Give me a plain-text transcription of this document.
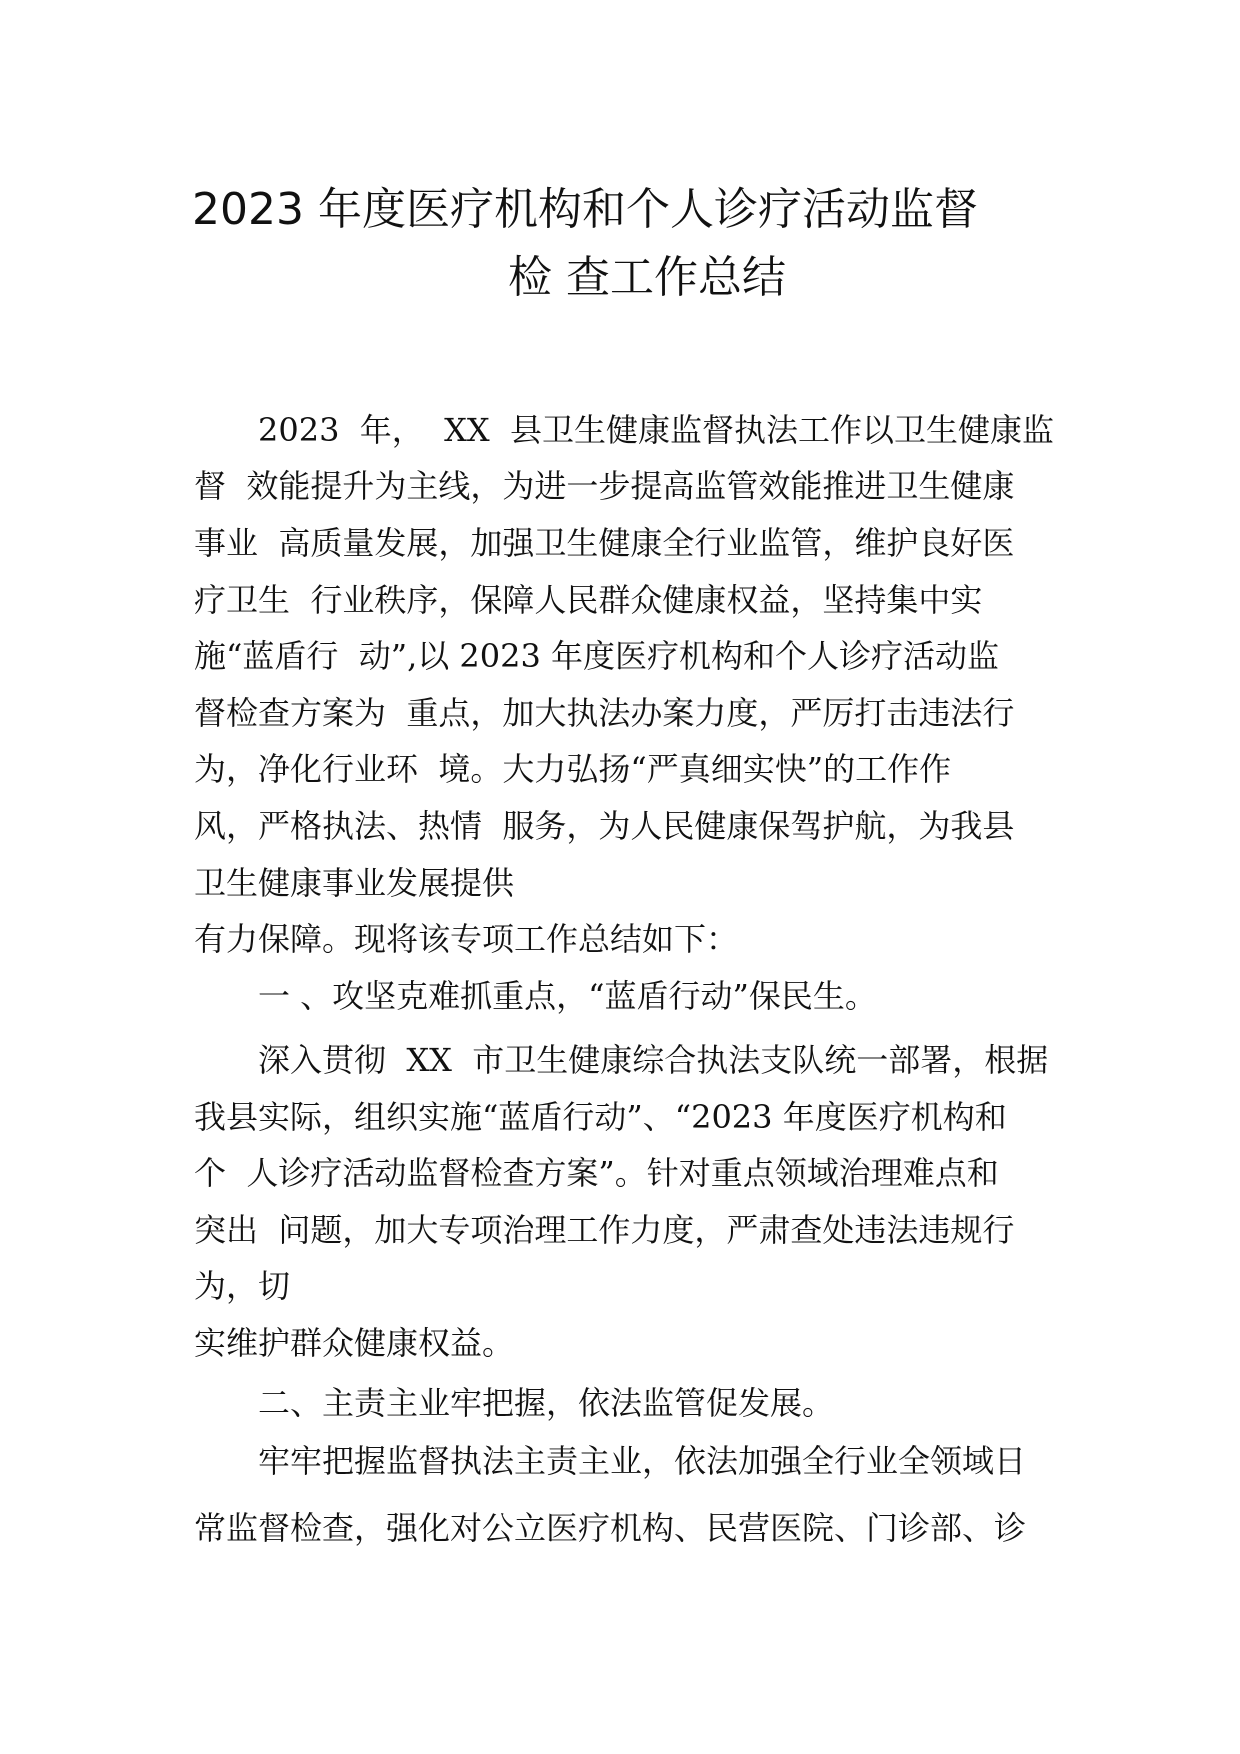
2023 年度医疗机构和个人诊疗活动监督
检 查工作总结
2023  年，  XX  县卫生健康监督执法工作以卫生健康监
督  效能提升为主线，为进一步提高监管效能推进卫生健康
事业  高质量发展，加强卫生健康全行业监管，维护良好医
疗卫生  行业秩序，保障人民群众健康权益，坚持集中实
施“蓝盾行  动”,以 2023 年度医疗机构和个人诊疗活动监
督检查方案为  重点，加大执法办案力度，严厉打击违法行
为，净化行业环  境。大力弘扬“严真细实快”的工作作
风，严格执法、热情  服务，为人民健康保驾护航，为我县
卫生健康事业发展提供
有力保障。现将该专项工作总结如下：
一 、攻坚克难抓重点，“蓝盾行动”保民生。
深入贯彻  XX  市卫生健康综合执法支队统一部署，根据
我县实际，组织实施“蓝盾行动”、“2023 年度医疗机构和
个  人诊疗活动监督检查方案”。针对重点领域治理难点和
突出  问题，加大专项治理工作力度，严肃查处违法违规行
为，切
实维护群众健康权益。
二、主责主业牢把握，依法监管促发展。
牢牢把握监督执法主责主业，依法加强全行业全领域日
常监督检查，强化对公立医疗机构、民营医院、门诊部、诊
